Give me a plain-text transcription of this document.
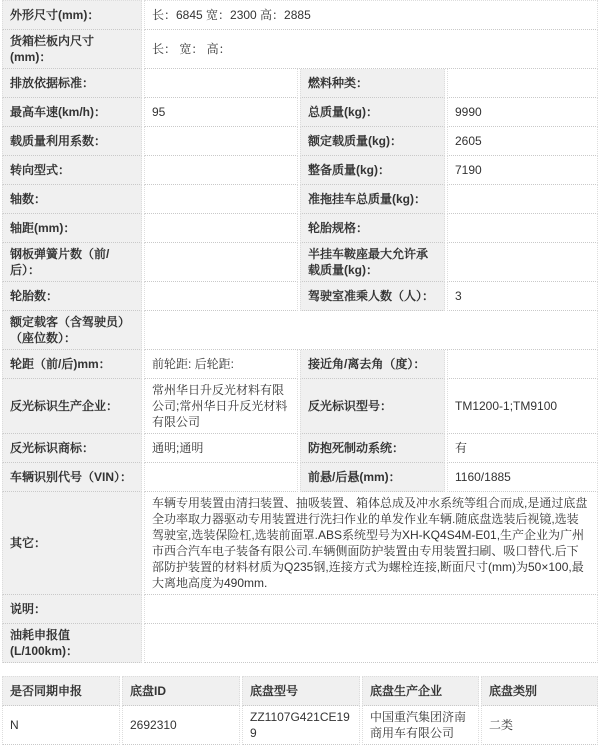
外形尺寸(mm)：	长：6845 宽：2300 高：2885		
货箱栏板内尺寸(mm)：	长： 宽： 高：		
排放依据标准：		燃料种类：	
最高车速(km/h)：	95	总质量(kg)：	9990
载质量利用系数：		额定载质量(kg)：	2605
转向型式：		整备质量(kg)：	7190
轴数：		准拖挂车总质量(kg)：	
轴距(mm)：		轮胎规格：	
钢板弹簧片数（前/后）：		半挂车鞍座最大允许承载质量(kg)：	
轮胎数：		驾驶室准乘人数（人）：	3
额定载客（含驾驶员）（座位数）：			
轮距（前/后)mm：	前轮距: 后轮距:	接近角/离去角（度）：	
反光标识生产企业：	常州华日升反光材料有限公司;常州华日升反光材料有限公司	反光标识型号：	TM1200-1;TM9100
反光标识商标：	通明;通明	防抱死制动系统：	有
车辆识别代号（VIN）：		前悬/后悬(mm)：	1160/1885
其它：	车辆专用装置由清扫装置、抽吸装置、箱体总成及冲水系统等组合而成,是通过底盘全功率取力器驱动专用装置进行洗扫作业的单发作业车辆.随底盘选装后视镜,选装驾驶室,选装保险杠,选装前面罩.ABS系统型号为XH-KQ4S4M-E01,生产企业为广州市西合汽车电子装备有限公司.车辆侧面防护装置由专用装置扫刷、吸口替代.后下部防护装置的材料材质为Q235钢,连接方式为螺栓连接,断面尺寸(mm)为50×100,最大离地高度为490mm.		
说明：			
油耗申报值(L/100km)：			
是否同期申报	底盘ID	底盘型号	底盘生产企业	底盘类别
N	2692310	ZZ1107G421CE199	中国重汽集团济南商用车有限公司	二类
